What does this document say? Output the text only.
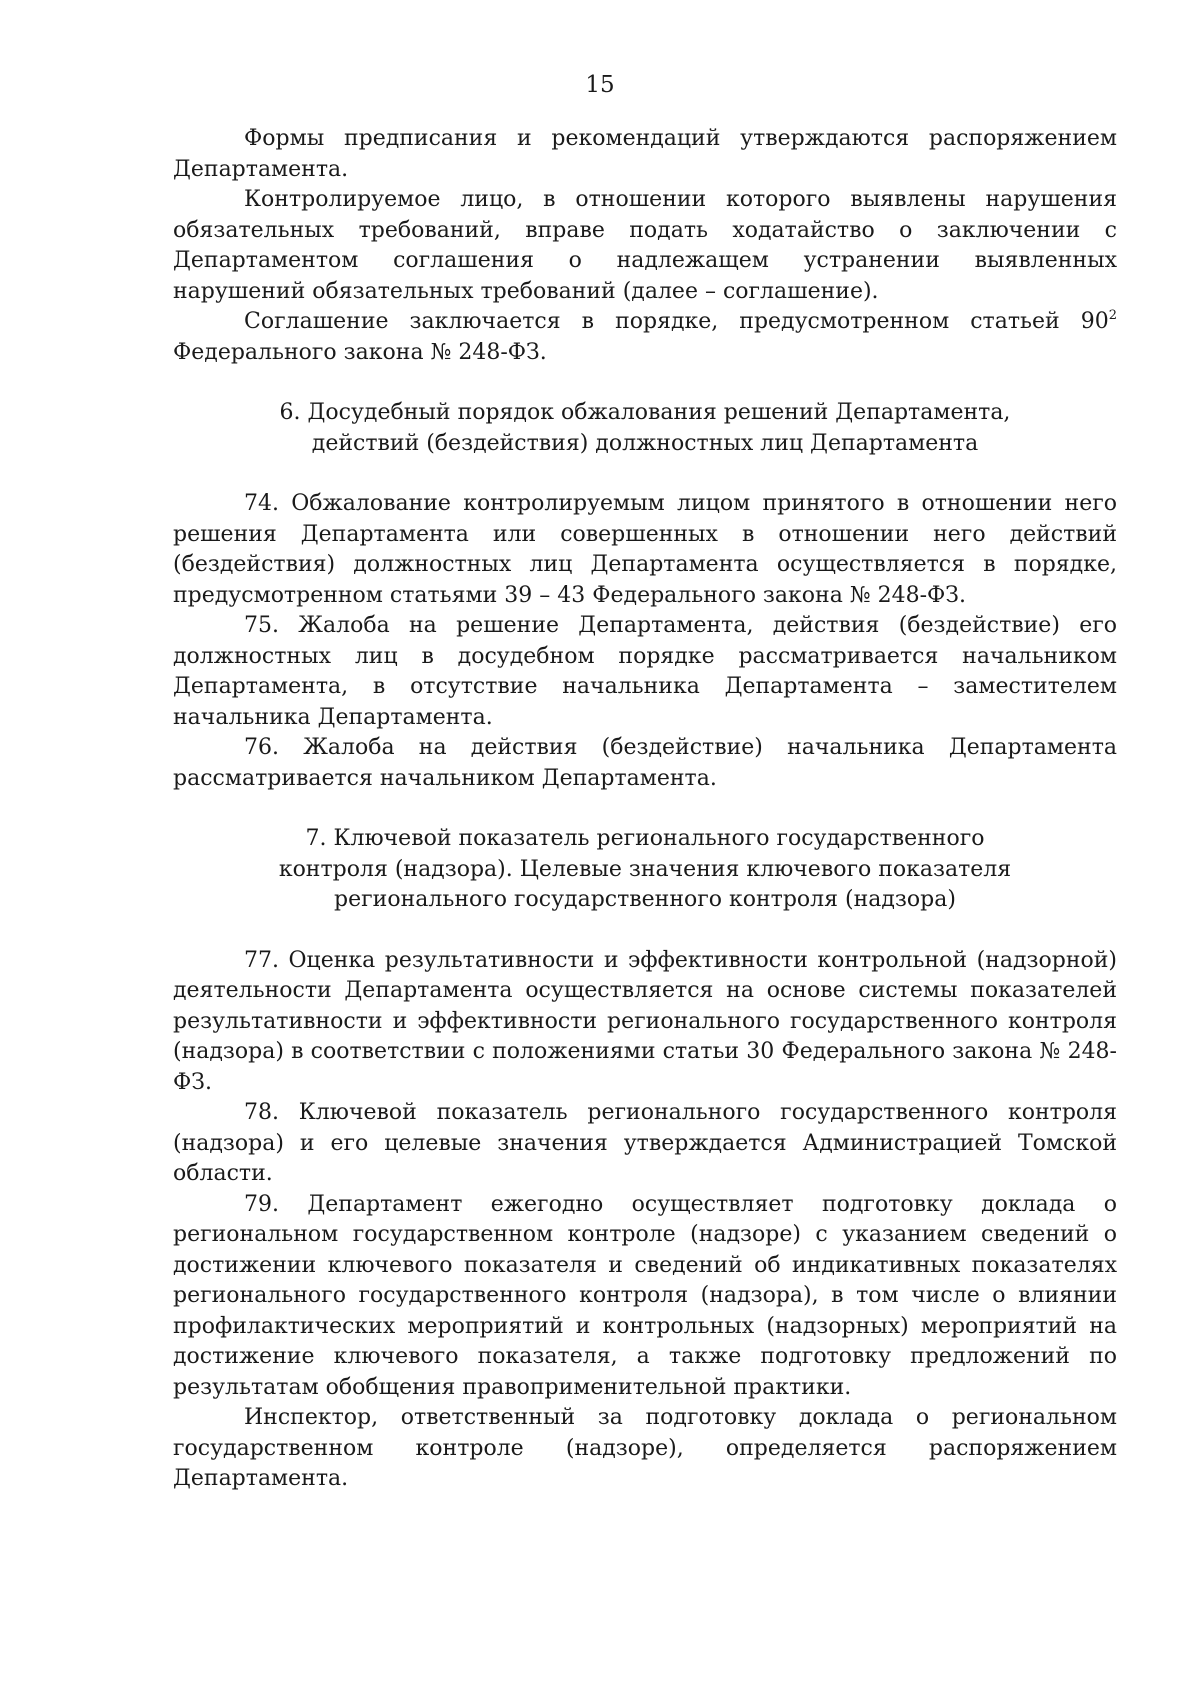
15

Формы предписания и рекомендаций утверждаются распоряжением Департамента.

Контролируемое лицо, в отношении которого выявлены нарушения обязательных требований, вправе подать ходатайство о заключении с Департаментом соглашения о надлежащем устранении выявленных нарушений обязательных требований (далее – соглашение).

Соглашение заключается в порядке, предусмотренном статьей $90^2$ Федерального закона № 248-ФЗ.

6. Досудебный порядок обжалования решений Департамента,
действий (бездействия) должностных лиц Департамента

74. Обжалование контролируемым лицом принятого в отношении него решения Департамента или совершенных в отношении него действий (бездействия) должностных лиц Департамента осуществляется в порядке, предусмотренном статьями 39 – 43 Федерального закона № 248-ФЗ.

75. Жалоба на решение Департамента, действия (бездействие) его должностных лиц в досудебном порядке рассматривается начальником Департамента, в отсутствие начальника Департамента – заместителем начальника Департамента.

76. Жалоба на действия (бездействие) начальника Департамента рассматривается начальником Департамента.

7. Ключевой показатель регионального государственного
контроля (надзора). Целевые значения ключевого показателя
регионального государственного контроля (надзора)

77. Оценка результативности и эффективности контрольной (надзорной) деятельности Департамента осуществляется на основе системы показателей результативности и эффективности регионального государственного контроля (надзора) в соответствии с положениями статьи 30 Федерального закона № 248-ФЗ.

78. Ключевой показатель регионального государственного контроля (надзора) и его целевые значения утверждается Администрацией Томской области.

79. Департамент ежегодно осуществляет подготовку доклада о региональном государственном контроле (надзоре) с указанием сведений о достижении ключевого показателя и сведений об индикативных показателях регионального государственного контроля (надзора), в том числе о влиянии профилактических мероприятий и контрольных (надзорных) мероприятий на достижение ключевого показателя, а также подготовку предложений по результатам обобщения правоприменительной практики.

Инспектор, ответственный за подготовку доклада о региональном государственном контроле (надзоре), определяется распоряжением Департамента.
